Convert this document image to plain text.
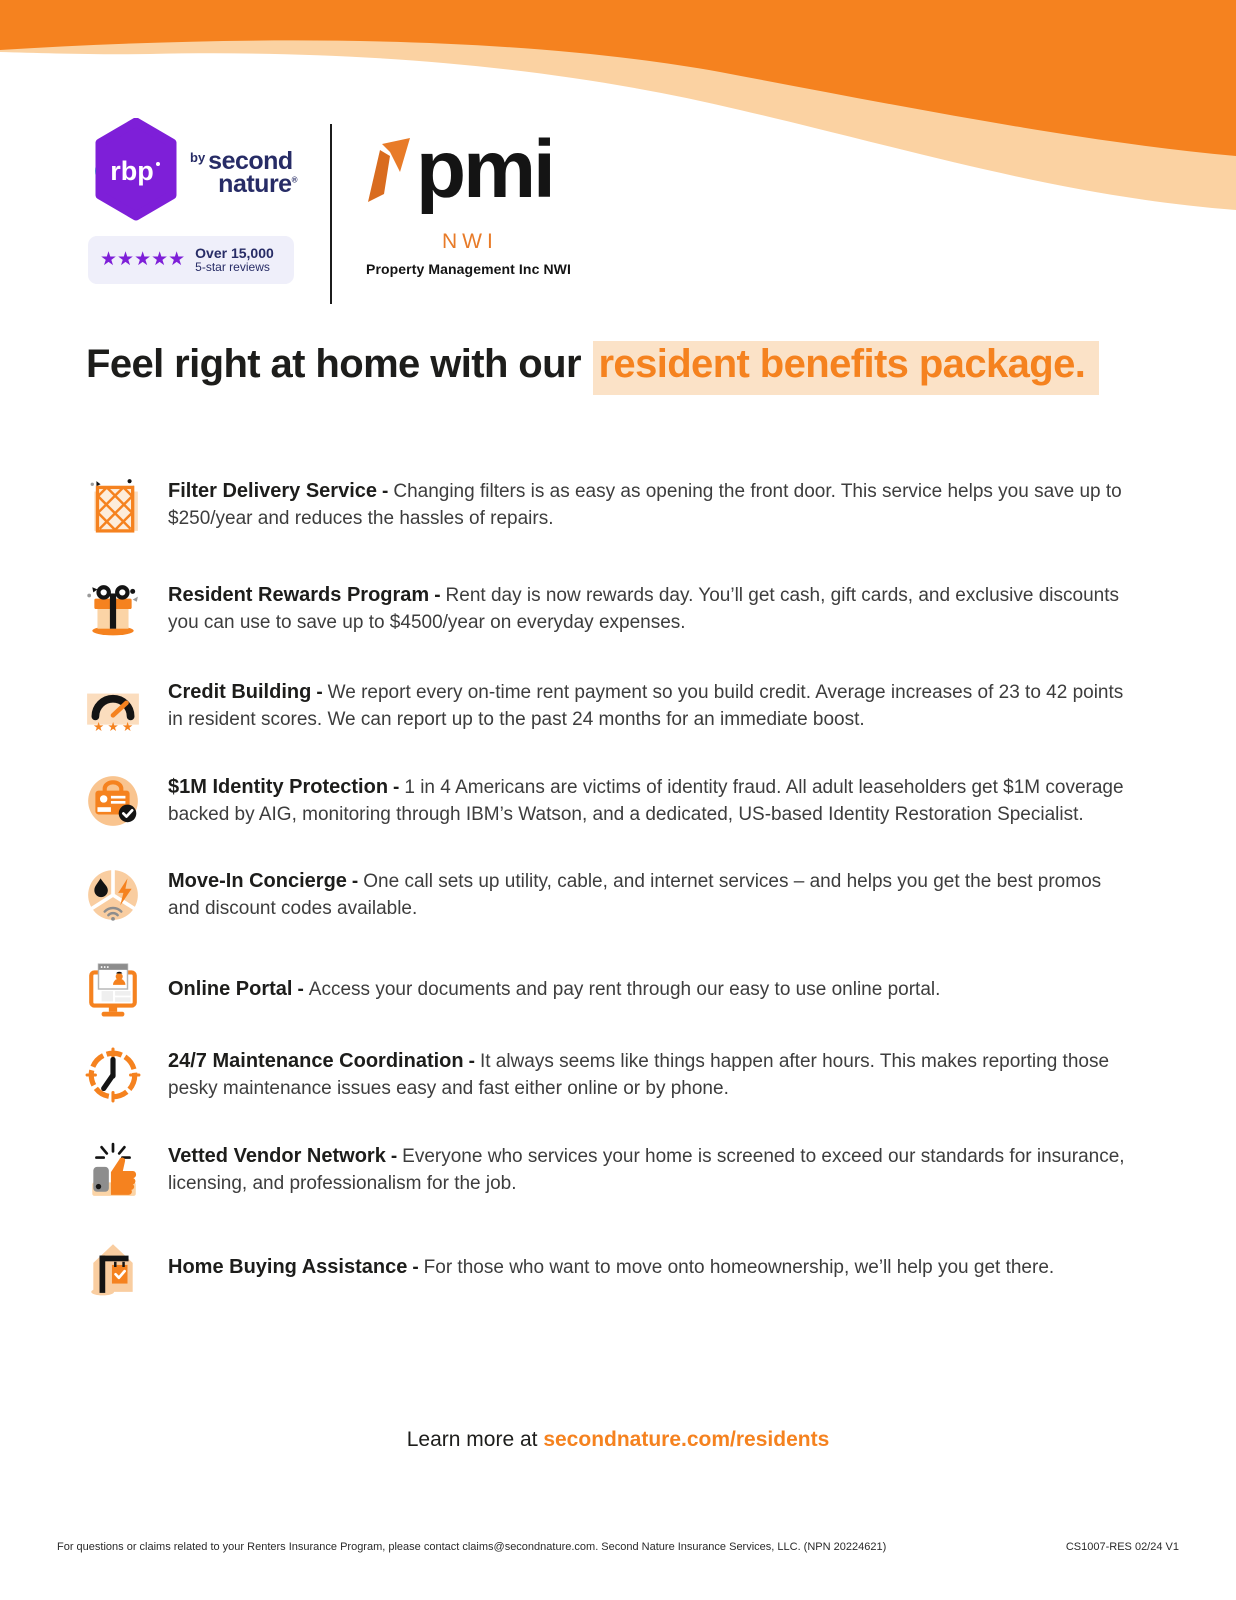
rbp	by second
nature®
★★★★★ Over 15,000
5-star reviews
pmi
NWI
Property Management Inc NWI
Feel right at home with our resident benefits package.
Filter Delivery Service - Changing filters is as easy as opening the front door. This service helps you save up to $250/year and reduces the hassles of repairs.
Resident Rewards Program - Rent day is now rewards day. You’ll get cash, gift cards, and exclusive discounts you can use to save up to $4500/year on everyday expenses.
★ ★ ★
Credit Building - We report every on-time rent payment so you build credit. Average increases of 23 to 42 points in resident scores. We can report up to the past 24 months for an immediate boost.
$1M Identity Protection - 1 in 4 Americans are victims of identity fraud. All adult leaseholders get $1M coverage backed by AIG, monitoring through IBM’s Watson, and a dedicated, US-based Identity Restoration Specialist.
Move-In Concierge - One call sets up utility, cable, and internet services – and helps you get the best promos and discount codes available.
Online Portal - Access your documents and pay rent through our easy to use online portal.
24/7 Maintenance Coordination - It always seems like things happen after hours. This makes reporting those pesky maintenance issues easy and fast either online or by phone.
Vetted Vendor Network - Everyone who services your home is screened to exceed our standards for insurance, licensing, and professionalism for the job.
Home Buying Assistance - For those who want to move onto homeownership, we’ll help you get there.
Learn more at secondnature.com/residents
For questions or claims related to your Renters Insurance Program, please contact claims@secondnature.com. Second Nature Insurance Services, LLC. (NPN 20224621)	CS1007-RES 02/24 V1
